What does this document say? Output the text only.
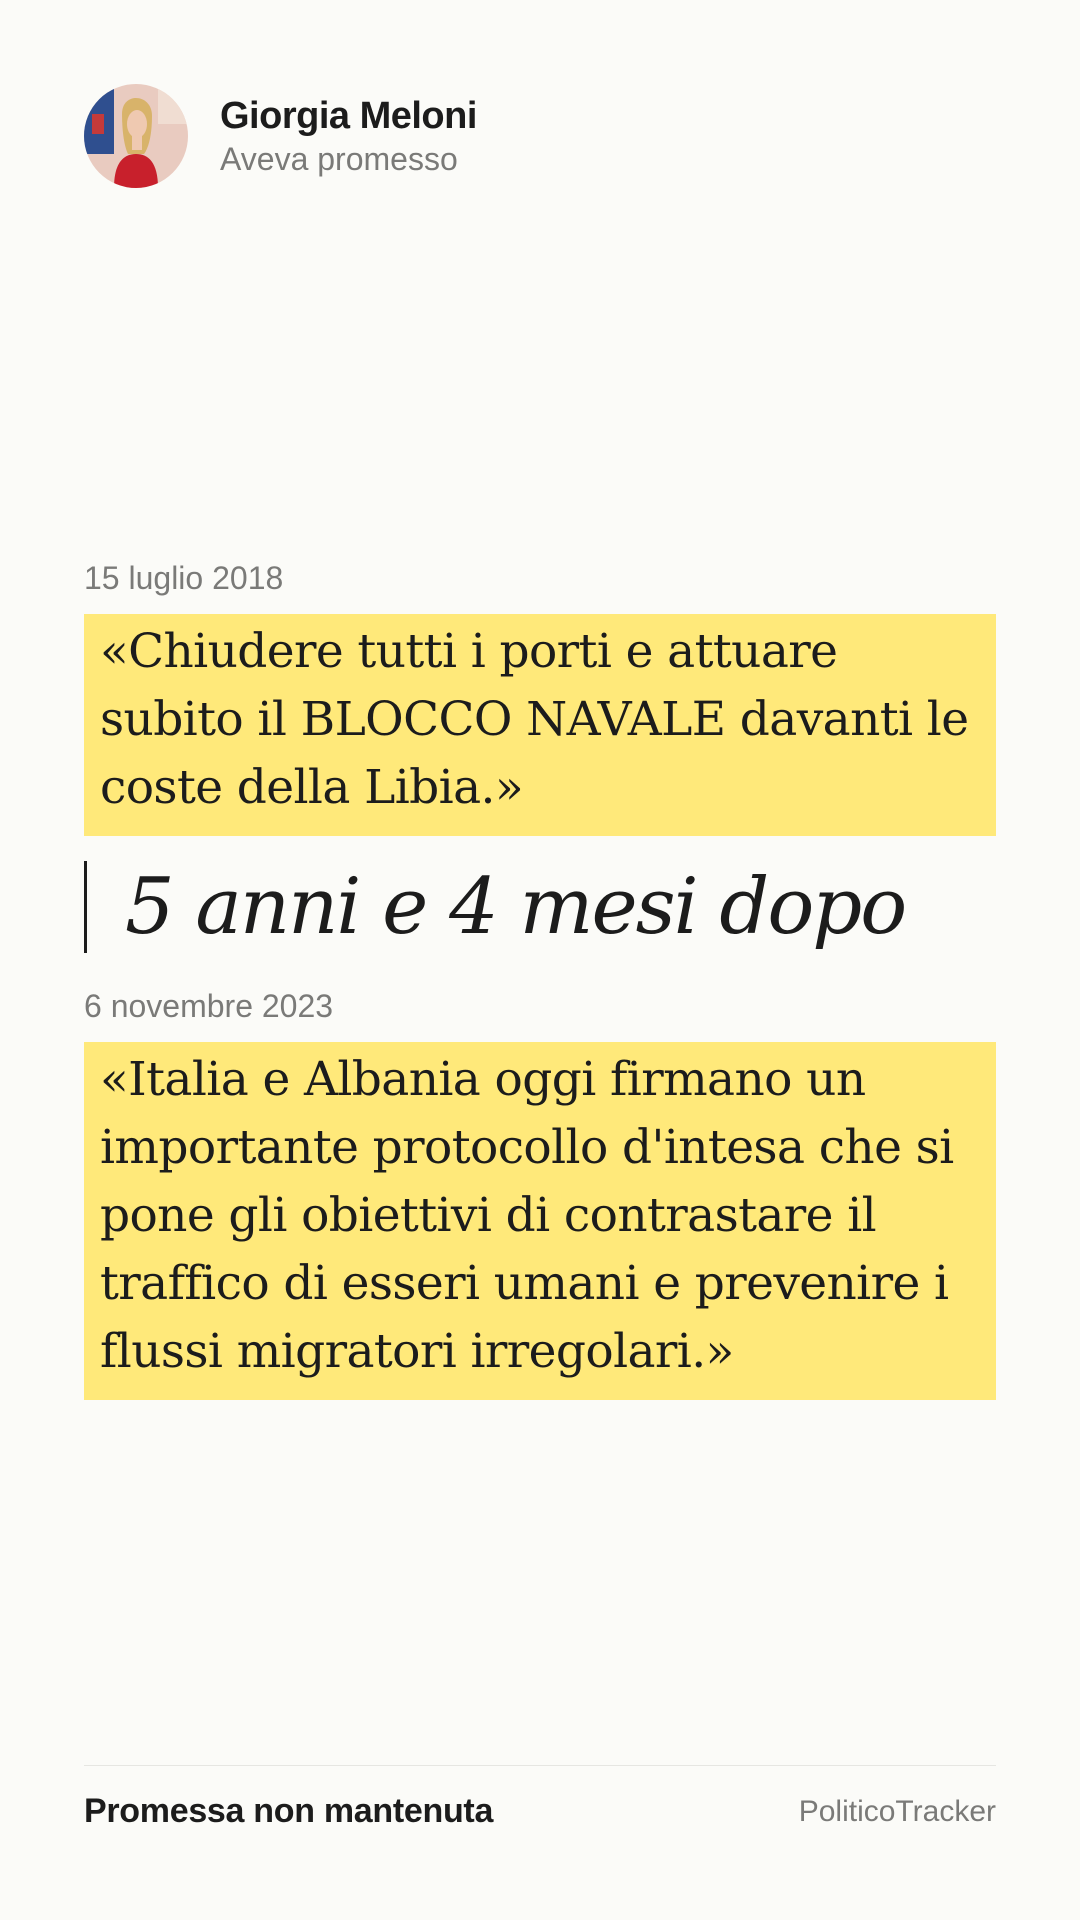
Giorgia Meloni
Aveva promesso
15 luglio 2018
«Chiudere tutti i porti e attuare subito il BLOCCO NAVALE davanti le coste della Libia.»
5 anni e 4 mesi dopo
6 novembre 2023
«Italia e Albania oggi firmano un importante protocollo d'intesa che si pone gli obiettivi di contrastare il traffico di esseri umani e prevenire i flussi migratori irregolari.»
Promessa non mantenuta	PoliticoTracker
